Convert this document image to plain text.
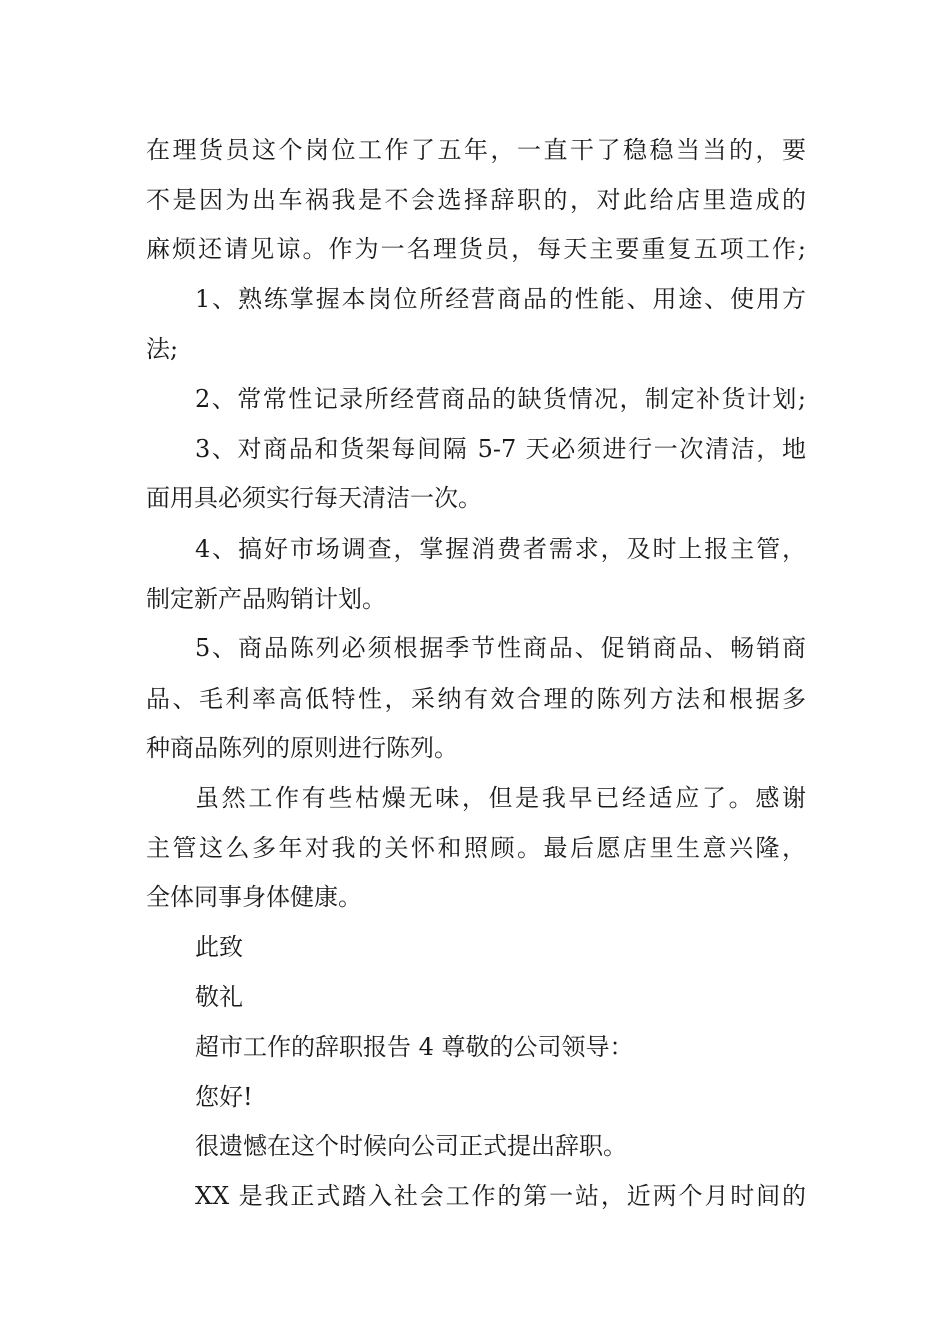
在理货员这个岗位工作了五年，一直干了稳稳当当的，要
不是因为出车祸我是不会选择辞职的，对此给店里造成的
麻烦还请见谅。作为一名理货员，每天主要重复五项工作;
1、熟练掌握本岗位所经营商品的性能、用途、使用方
法;
2、常常性记录所经营商品的缺货情况，制定补货计划;
3、对商品和货架每间隔 5-7 天必须进行一次清洁，地
面用具必须实行每天清洁一次。
4、搞好市场调查，掌握消费者需求，及时上报主管，
制定新产品购销计划。
5、商品陈列必须根据季节性商品、促销商品、畅销商
品、毛利率高低特性，采纳有效合理的陈列方法和根据多
种商品陈列的原则进行陈列。
虽然工作有些枯燥无味，但是我早已经适应了。感谢
主管这么多年对我的关怀和照顾。最后愿店里生意兴隆，
全体同事身体健康。
此致
敬礼
超市工作的辞职报告 4 尊敬的公司领导：
您好!
很遗憾在这个时候向公司正式提出辞职。
XX 是我正式踏入社会工作的第一站，近两个月时间的
